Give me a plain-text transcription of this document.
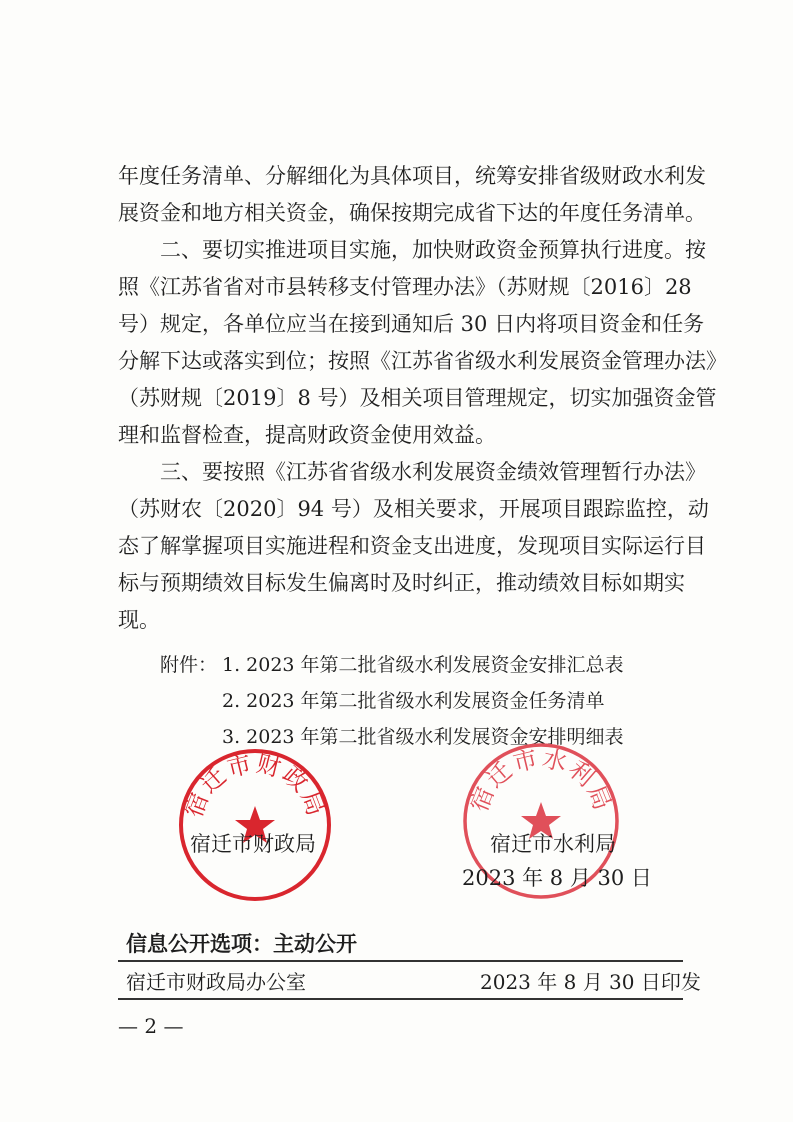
年度任务清单、分解细化为具体项目，统筹安排省级财政水利发
展资金和地方相关资金，确保按期完成省下达的年度任务清单。
二、要切实推进项目实施，加快财政资金预算执行进度。按
照《江苏省省对市县转移支付管理办法》（苏财规〔2016〕28
号）规定，各单位应当在接到通知后 30 日内将项目资金和任务
分解下达或落实到位；按照《江苏省省级水利发展资金管理办法》
（苏财规〔2019〕8 号）及相关项目管理规定，切实加强资金管
理和监督检查，提高财政资金使用效益。
三、要按照《江苏省省级水利发展资金绩效管理暂行办法》
（苏财农〔2020〕94 号）及相关要求，开展项目跟踪监控，动
态了解掌握项目实施进程和资金支出进度，发现项目实际运行目
标与预期绩效目标发生偏离时及时纠正，推动绩效目标如期实
现。
附件： 1. 2023 年第二批省级水利发展资金安排汇总表
2. 2023 年第二批省级水利发展资金任务清单
3. 2023 年第二批省级水利发展资金安排明细表
宿迁市财政局	宿迁市水利局
宿迁市财政局	宿迁市水利局
2023 年 8 月 30 日
信息公开选项：主动公开
宿迁市财政局办公室	2023 年 8 月 30 日印发
— 2 —
